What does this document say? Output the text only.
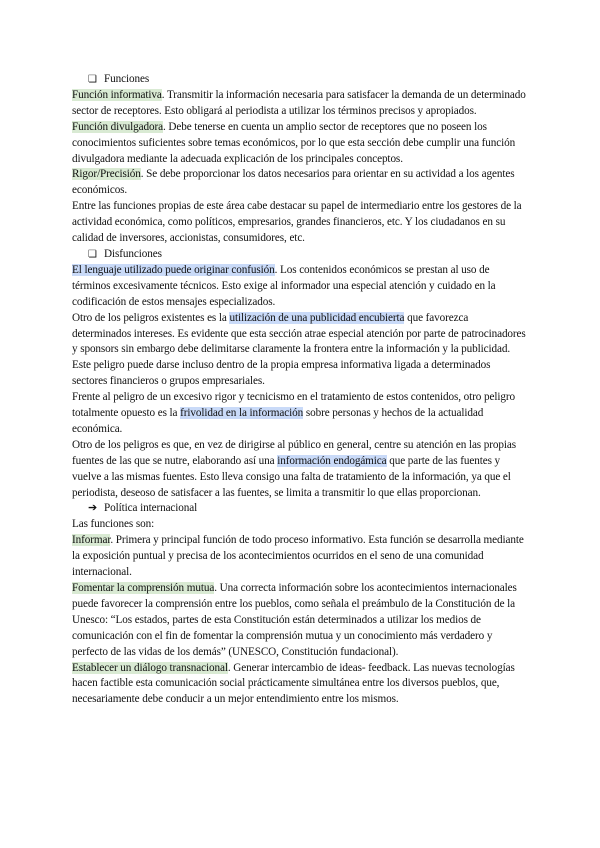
❏ Funciones

Función informativa. Transmitir la información necesaria para satisfacer la demanda de un determinado sector de receptores. Esto obligará al periodista a utilizar los términos precisos y apropiados.

Función divulgadora. Debe tenerse en cuenta un amplio sector de receptores que no poseen los conocimientos suficientes sobre temas económicos, por lo que esta sección debe cumplir una función divulgadora mediante la adecuada explicación de los principales conceptos.

Rigor/Precisión. Se debe proporcionar los datos necesarios para orientar en su actividad a los agentes económicos.

Entre las funciones propias de este área cabe destacar su papel de intermediario entre los gestores de la actividad económica, como políticos, empresarios, grandes financieros, etc. Y los ciudadanos en su calidad de inversores, accionistas, consumidores, etc.

❏ Disfunciones

El lenguaje utilizado puede originar confusión. Los contenidos económicos se prestan al uso de términos excesivamente técnicos. Esto exige al informador una especial atención y cuidado en la codificación de estos mensajes especializados.

Otro de los peligros existentes es la utilización de una publicidad encubierta que favorezca determinados intereses. Es evidente que esta sección atrae especial atención por parte de patrocinadores y sponsors sin embargo debe delimitarse claramente la frontera entre la información y la publicidad. Este peligro puede darse incluso dentro de la propia empresa informativa ligada a determinados sectores financieros o grupos empresariales.

Frente al peligro de un excesivo rigor y tecnicismo en el tratamiento de estos contenidos, otro peligro totalmente opuesto es la frivolidad en la información sobre personas y hechos de la actualidad económica.

Otro de los peligros es que, en vez de dirigirse al público en general, centre su atención en las propias fuentes de las que se nutre, elaborando así una información endogámica que parte de las fuentes y vuelve a las mismas fuentes. Esto lleva consigo una falta de tratamiento de la información, ya que el periodista, deseoso de satisfacer a las fuentes, se limita a transmitir lo que ellas proporcionan.

➔ Política internacional

Las funciones son:

Informar. Primera y principal función de todo proceso informativo. Esta función se desarrolla mediante la exposición puntual y precisa de los acontecimientos ocurridos en el seno de una comunidad internacional.

Fomentar la comprensión mutua. Una correcta información sobre los acontecimientos internacionales puede favorecer la comprensión entre los pueblos, como señala el preámbulo de la Constitución de la Unesco: “Los estados, partes de esta Constitución están determinados a utilizar los medios de comunicación con el fin de fomentar la comprensión mutua y un conocimiento más verdadero y perfecto de las vidas de los demás” (UNESCO, Constitución fundacional).

Establecer un diálogo transnacional. Generar intercambio de ideas- feedback. Las nuevas tecnologías hacen factible esta comunicación social prácticamente simultánea entre los diversos pueblos, que, necesariamente debe conducir a un mejor entendimiento entre los mismos.
